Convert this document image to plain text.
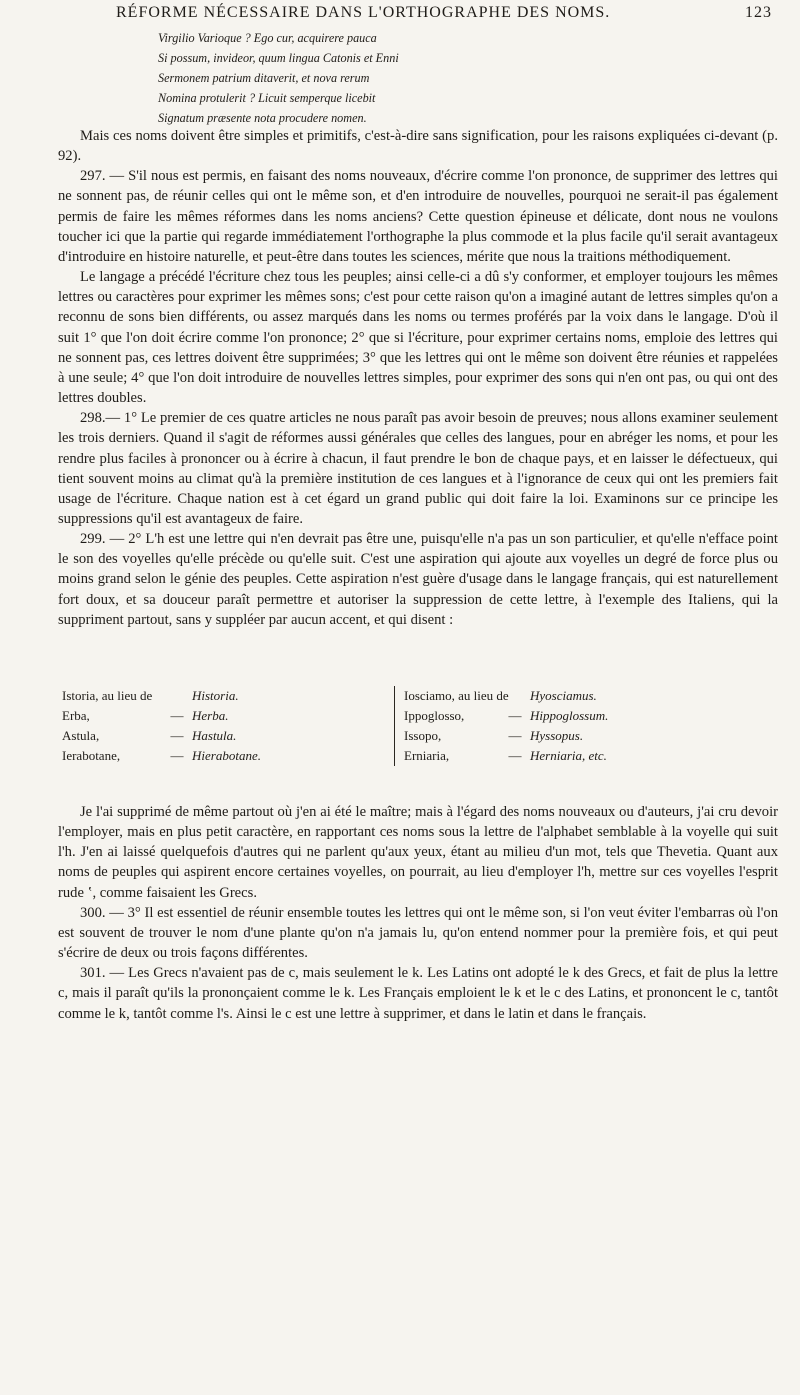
RÉFORME NÉCESSAIRE DANS L'ORTHOGRAPHE DES NOMS.	123
Virgilio Varioque ? Ego cur, acquirere pauca
Si possum, invideor, quum lingua Catonis et Enni
Sermonem patrium ditaverit, et nova rerum
Nomina protulerit ? Licuit semperque licebit
Signatum præsente nota procudere nomen.

Mais ces noms doivent être simples et primitifs, c'est-à-dire sans signification, pour les raisons expliquées ci-devant (p. 92).

297. — S'il nous est permis, en faisant des noms nouveaux, d'écrire comme l'on prononce, de supprimer des lettres qui ne sonnent pas, de réunir celles qui ont le même son, et d'en introduire de nouvelles, pourquoi ne serait-il pas également permis de faire les mêmes réformes dans les noms anciens? Cette question épineuse et délicate, dont nous ne voulons toucher ici que la partie qui regarde immédiatement l'orthographe la plus commode et la plus facile qu'il serait avantageux d'introduire en histoire naturelle, et peut-être dans toutes les sciences, mérite que nous la traitions méthodiquement.

Le langage a précédé l'écriture chez tous les peuples; ainsi celle-ci a dû s'y conformer, et employer toujours les mêmes lettres ou caractères pour exprimer les mêmes sons; c'est pour cette raison qu'on a imaginé autant de lettres simples qu'on a reconnu de sons bien différents, ou assez marqués dans les noms ou termes proférés par la voix dans le langage. D'où il suit 1° que l'on doit écrire comme l'on prononce; 2° que si l'écriture, pour exprimer certains noms, emploie des lettres qui ne sonnent pas, ces lettres doivent être supprimées; 3° que les lettres qui ont le même son doivent être réunies et rappelées à une seule; 4° que l'on doit introduire de nouvelles lettres simples, pour exprimer des sons qui n'en ont pas, ou qui ont des lettres doubles.

298.— 1° Le premier de ces quatre articles ne nous paraît pas avoir besoin de preuves; nous allons examiner seulement les trois derniers. Quand il s'agit de réformes aussi générales que celles des langues, pour en abréger les noms, et pour les rendre plus faciles à prononcer ou à écrire à chacun, il faut prendre le bon de chaque pays, et en laisser le défectueux, qui tient souvent moins au climat qu'à la première institution de ces langues et à l'ignorance de ceux qui ont les premiers fait usage de l'écriture. Chaque nation est à cet égard un grand public qui doit faire la loi. Examinons sur ce principe les suppressions qu'il est avantageux de faire.

299. — 2° L'h est une lettre qui n'en devrait pas être une, puisqu'elle n'a pas un son particulier, et qu'elle n'efface point le son des voyelles qu'elle précède ou qu'elle suit. C'est une aspiration qui ajoute aux voyelles un degré de force plus ou moins grand selon le génie des peuples. Cette aspiration n'est guère d'usage dans le langage français, qui est naturellement fort doux, et sa douceur paraît permettre et autoriser la suppression de cette lettre, à l'exemple des Italiens, qui la suppriment partout, sans y suppléer par aucun accent, et qui disent :

Istoria, au lieu de	Historia.
Erba,	— Herba.
Astula,	— Hastula.
Ierabotane,	— Hierabotane.
Iosciamo, au lieu de Hyosciamus.
Ippoglosso,	— Hippoglossum.
Issopo,	— Hyssopus.
Erniaria,	— Herniaria, etc.

Je l'ai supprimé de même partout où j'en ai été le maître; mais à l'égard des noms nouveaux ou d'auteurs, j'ai cru devoir l'employer, mais en plus petit caractère, en rapportant ces noms sous la lettre de l'alphabet semblable à la voyelle qui suit l'h. J'en ai laissé quelquefois d'autres qui ne parlent qu'aux yeux, étant au milieu d'un mot, tels que Thevetia. Quant aux noms de peuples qui aspirent encore certaines voyelles, on pourrait, au lieu d'employer l'h, mettre sur ces voyelles l'esprit rude ʽ, comme faisaient les Grecs.

300. — 3° Il est essentiel de réunir ensemble toutes les lettres qui ont le même son, si l'on veut éviter l'embarras où l'on est souvent de trouver le nom d'une plante qu'on n'a jamais lu, qu'on entend nommer pour la première fois, et qui peut s'écrire de deux ou trois façons différentes.

301. — Les Grecs n'avaient pas de c, mais seulement le k. Les Latins ont adopté le k des Grecs, et fait de plus la lettre c, mais il paraît qu'ils la prononçaient comme le k. Les Français emploient le k et le c des Latins, et prononcent le c, tantôt comme le k, tantôt comme l's. Ainsi le c est une lettre à supprimer, et dans le latin et dans le français.
